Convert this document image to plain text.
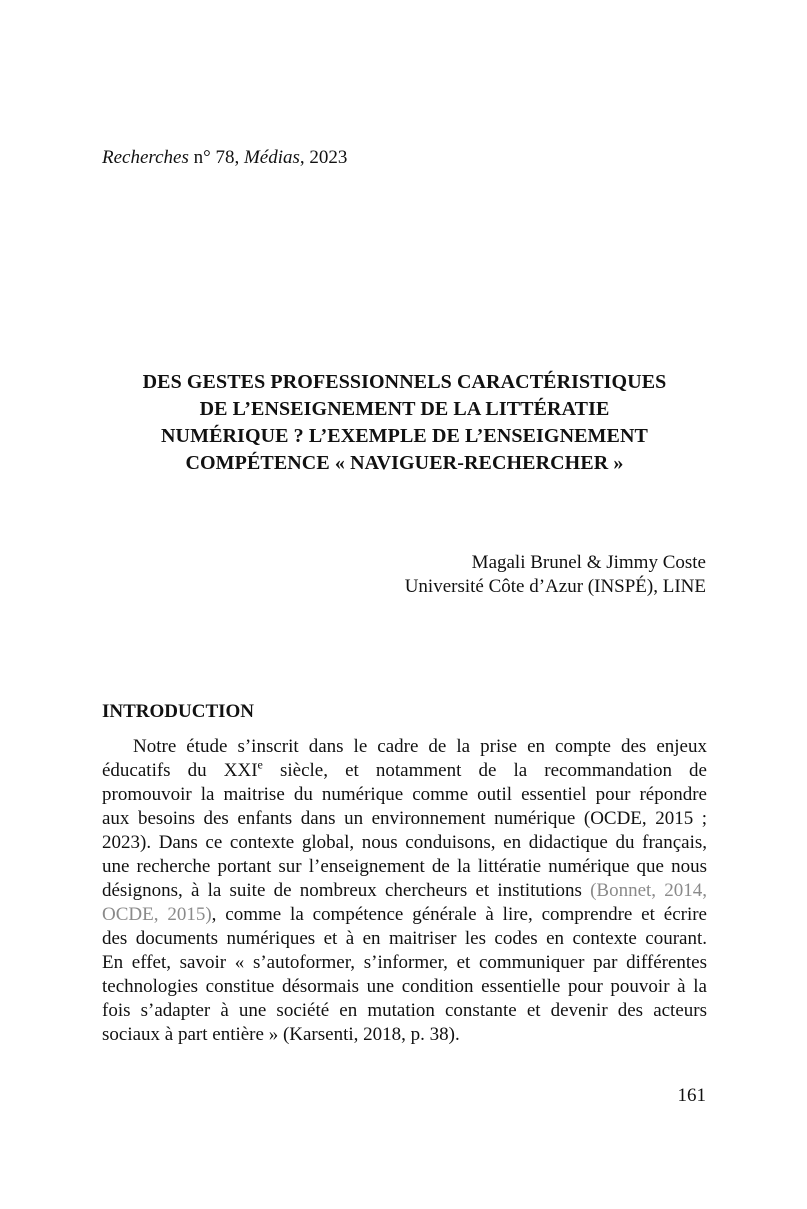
Recherches n° 78, Médias, 2023
DES GESTES PROFESSIONNELS CARACTÉRISTIQUES
DE L’ENSEIGNEMENT DE LA LITTÉRATIE
NUMÉRIQUE ? L’EXEMPLE DE L’ENSEIGNEMENT
COMPÉTENCE « NAVIGUER-RECHERCHER »
Magali Brunel & Jimmy Coste
Université Côte d’Azur (INSPÉ), LINE
INTRODUCTION
Notre étude s’inscrit dans le cadre de la prise en compte des enjeux
éducatifs du XXIe siècle, et notamment de la recommandation de
promouvoir la maitrise du numérique comme outil essentiel pour répondre
aux besoins des enfants dans un environnement numérique (OCDE, 2015 ;
2023). Dans ce contexte global, nous conduisons, en didactique du français,
une recherche portant sur l’enseignement de la littératie numérique que nous
désignons, à la suite de nombreux chercheurs et institutions (Bonnet, 2014,
OCDE, 2015), comme la compétence générale à lire, comprendre et écrire
des documents numériques et à en maitriser les codes en contexte courant.
En effet, savoir « s’autoformer, s’informer, et communiquer par différentes
technologies constitue désormais une condition essentielle pour pouvoir à la
fois s’adapter à une société en mutation constante et devenir des acteurs
sociaux à part entière » (Karsenti, 2018, p. 38).
161
